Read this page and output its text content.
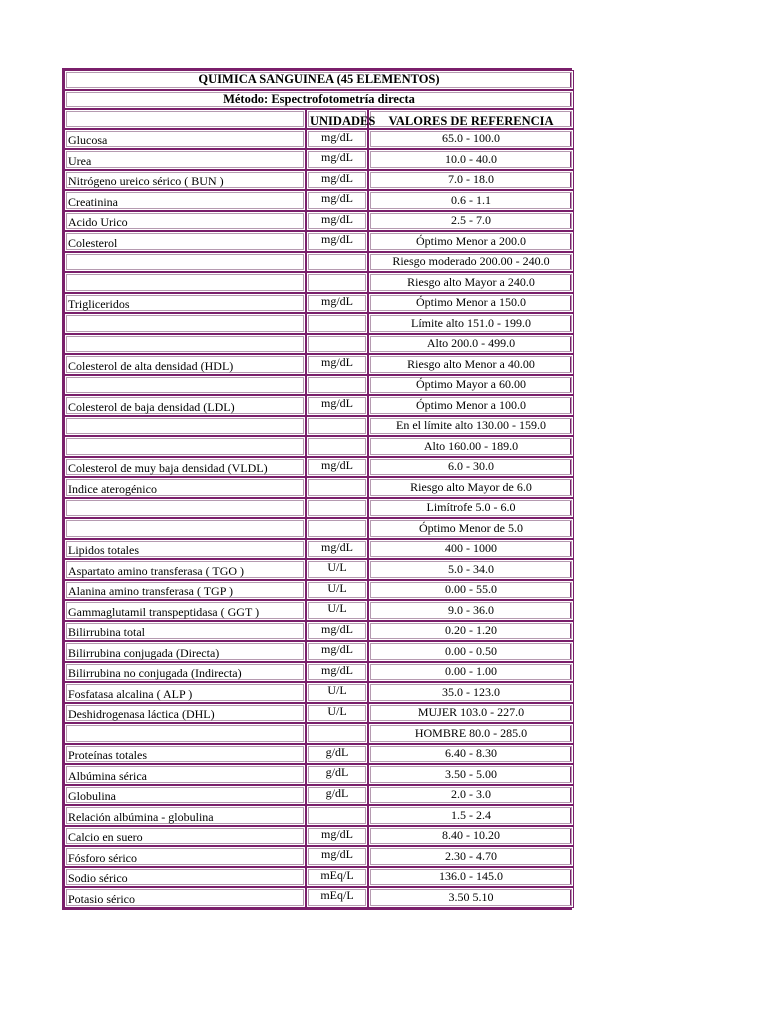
QUIMICA SANGUINEA (45 ELEMENTOS)		
Método: Espectrofotometría directa		
	UNIDADES	VALORES DE REFERENCIA
Glucosa	mg/dL	65.0 - 100.0
Urea	mg/dL	10.0 - 40.0
Nitrógeno ureico sérico ( BUN )	mg/dL	7.0 - 18.0
Creatinina	mg/dL	0.6 - 1.1
Acido Urico	mg/dL	2.5 - 7.0
Colesterol	mg/dL	Óptimo Menor a 200.0
		Riesgo moderado 200.00 - 240.0
		Riesgo alto Mayor a 240.0
Trigliceridos	mg/dL	Óptimo Menor a 150.0
		Límite alto 151.0 - 199.0
		Alto 200.0 - 499.0
Colesterol de alta densidad (HDL)	mg/dL	Riesgo alto Menor a 40.00
		Óptimo Mayor a 60.00
Colesterol de baja densidad (LDL)	mg/dL	Óptimo Menor a 100.0
		En el límite alto 130.00 - 159.0
		Alto 160.00 - 189.0
Colesterol de muy baja densidad (VLDL)	mg/dL	6.0 - 30.0
Indice aterogénico		Riesgo alto Mayor de 6.0
		Limítrofe 5.0 - 6.0
		Óptimo Menor de 5.0
Lipidos totales	mg/dL	400 - 1000
Aspartato amino transferasa ( TGO )	U/L	5.0 - 34.0
Alanina amino transferasa ( TGP )	U/L	0.00 - 55.0
Gammaglutamil transpeptidasa ( GGT )	U/L	9.0 - 36.0
Bilirrubina total	mg/dL	0.20 - 1.20
Bilirrubina conjugada (Directa)	mg/dL	0.00 - 0.50
Bilirrubina no conjugada (Indirecta)	mg/dL	0.00 - 1.00
Fosfatasa alcalina ( ALP )	U/L	35.0 - 123.0
Deshidrogenasa láctica (DHL)	U/L	MUJER 103.0 - 227.0
		HOMBRE 80.0 - 285.0
Proteínas totales	g/dL	6.40 - 8.30
Albúmina sérica	g/dL	3.50 - 5.00
Globulina	g/dL	2.0 - 3.0
Relación albúmina - globulina		1.5 - 2.4
Calcio en suero	mg/dL	8.40 - 10.20
Fósforo sérico	mg/dL	2.30 - 4.70
Sodio sérico	mEq/L	136.0 - 145.0
Potasio sérico	mEq/L	3.50 5.10
